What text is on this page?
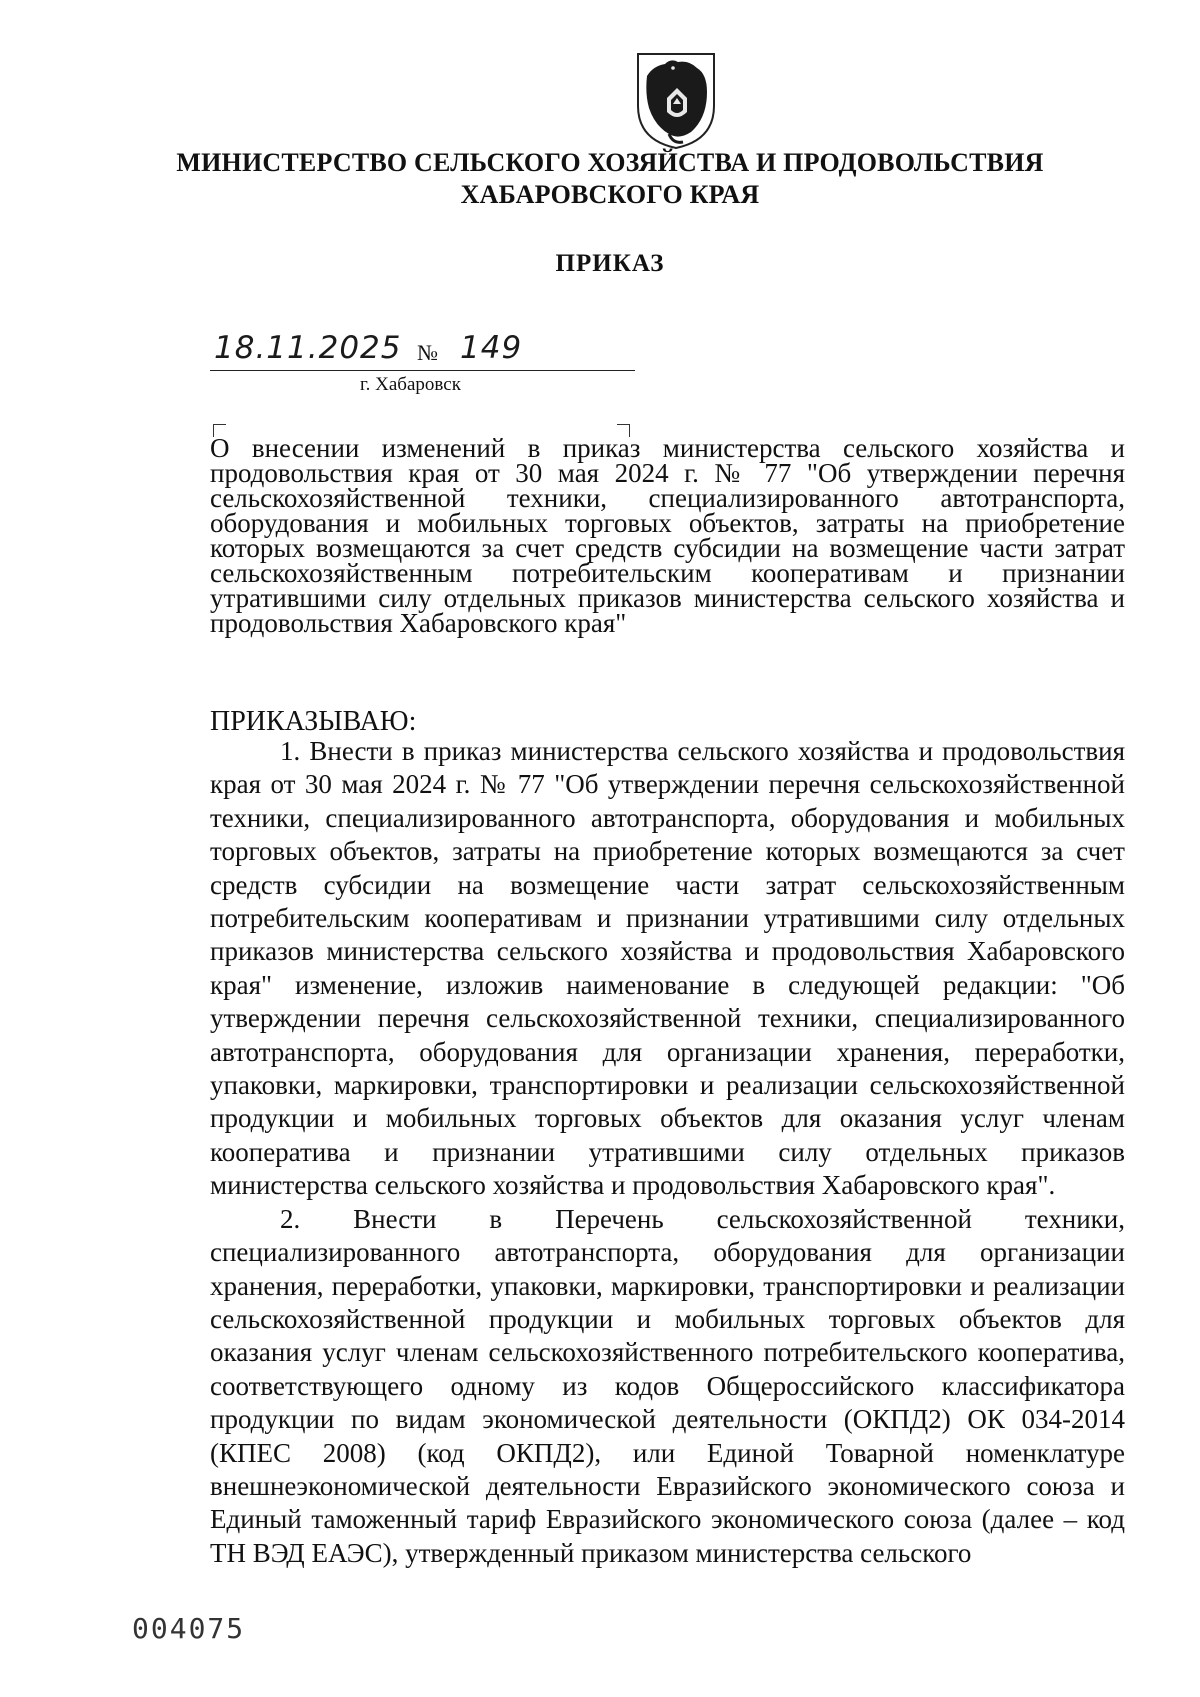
МИНИСТЕРСТВО СЕЛЬСКОГО ХОЗЯЙСТВА И ПРОДОВОЛЬСТВИЯ
ХАБАРОВСКОГО КРАЯ
ПРИКАЗ
18.11.2025 № 149
г. Хабаровск
О внесении изменений в приказ министерства сельского хозяйства и продовольствия края от 30 мая 2024 г. № 77 "Об утверждении перечня сельскохозяйственной техники, специализированного автотранспорта, оборудования и мобильных торговых объектов, затраты на приобретение которых возмещаются за счет средств субсидии на возмещение части затрат сельскохозяйственным потребительским кооперативам и признании утратившими силу отдельных приказов министерства сельского хозяйства и продовольствия Хабаровского края"
ПРИКАЗЫВАЮ:

1. Внести в приказ министерства сельского хозяйства и продовольствия края от 30 мая 2024 г. № 77 "Об утверждении перечня сельскохозяйственной техники, специализированного автотранспорта, оборудования и мобильных торговых объектов, затраты на приобретение которых возмещаются за счет средств субсидии на возмещение части затрат сельскохозяйственным потребительским кооперативам и признании утратившими силу отдельных приказов министерства сельского хозяйства и продовольствия Хабаровского края" изменение, изложив наименование в следующей редакции: "Об утверждении перечня сельскохозяйственной техники, специализированного автотранспорта, оборудования для организации хранения, переработки, упаковки, маркировки, транспортировки и реализации сельскохозяйственной продукции и мобильных торговых объектов для оказания услуг членам кооператива и признании утратившими силу отдельных приказов министерства сельского хозяйства и продовольствия Хабаровского края".

2. Внести в Перечень сельскохозяйственной техники, специализированного автотранспорта, оборудования для организации хранения, переработки, упаковки, маркировки, транспортировки и реализации сельскохозяйственной продукции и мобильных торговых объектов для оказания услуг членам сельскохозяйственного потребительского кооператива, соответствующего одному из кодов Общероссийского классификатора продукции по видам экономической деятельности (ОКПД2) ОК 034-2014 (КПЕС 2008) (код ОКПД2), или Единой Товарной номенклатуре внешнеэкономической деятельности Евразийского экономического союза и Единый таможенный тариф Евразийского экономического союза (далее – код ТН ВЭД ЕАЭС), утвержденный приказом министерства сельского

004075
